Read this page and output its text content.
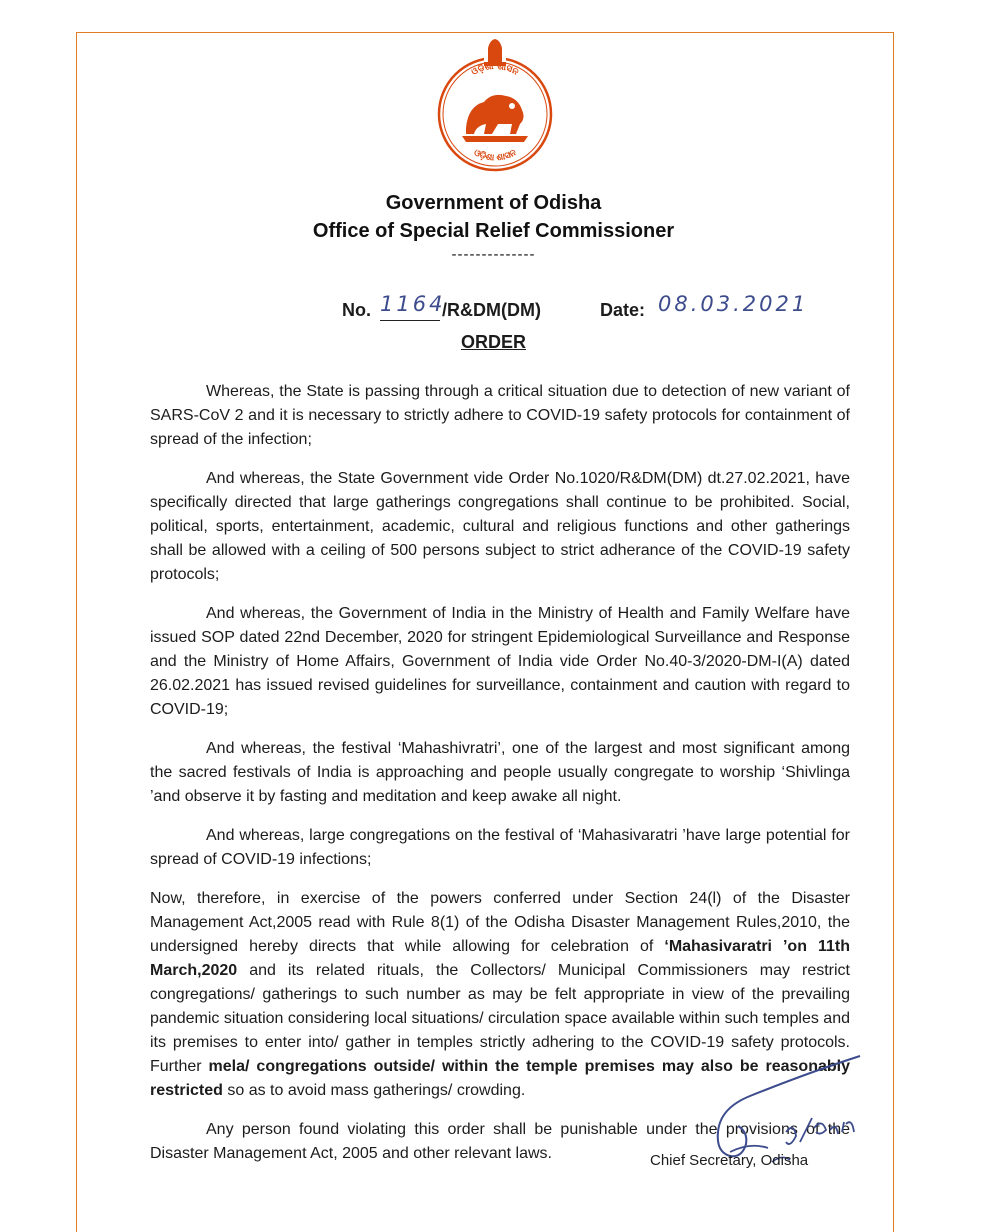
ଓଡ଼ିଶା ଶାସନ
ଓଡ଼ିଶା ଶାସନ
Government of Odisha
Office of Special Relief Commissioner
--------------
No. 1164
/R&DM(DM)	Date: 08.03.2021
ORDER

Whereas, the State is passing through a critical situation due to detection of new variant of SARS-CoV 2 and it is necessary to strictly adhere to COVID-19 safety protocols for containment of spread of the infection;

And whereas, the State Government vide Order No.1020/R&DM(DM) dt.27.02.2021, have specifically directed that large gatherings congregations shall continue to be prohibited. Social, political, sports, entertainment, academic, cultural and religious functions and other gatherings shall be allowed with a ceiling of 500 persons subject to strict adherance of the COVID-19 safety protocols;

And whereas, the Government of India in the Ministry of Health and Family Welfare have issued SOP dated 22nd December, 2020 for stringent Epidemiological Surveillance and Response and the Ministry of Home Affairs, Government of India vide Order No.40-3/2020-DM-I(A) dated 26.02.2021 has issued revised guidelines for surveillance, containment and caution with regard to COVID-19;

And whereas, the festival ‘Mahashivratri’, one of the largest and most significant among the sacred festivals of India is approaching and people usually congregate to worship ‘Shivlinga ’and observe it by fasting and meditation and keep awake all night.

And whereas, large congregations on the festival of ‘Mahasivaratri ’have large potential for spread of COVID-19 infections;

Now, therefore, in exercise of the powers conferred under Section 24(l) of the Disaster Management Act,2005 read with Rule 8(1) of the Odisha Disaster Management Rules,2010, the undersigned hereby directs that while allowing for celebration of ‘Mahasivaratri ’on 11th March,2020 and its related rituals, the Collectors/ Municipal Commissioners may restrict congregations/ gatherings to such number as may be felt appropriate in view of the prevailing pandemic situation considering local situations/ circulation space available within such temples and its premises to enter into/ gather in temples strictly adhering to the COVID-19 safety protocols. Further mela/ congregations outside/ within the temple premises may also be reasonably restricted so as to avoid mass gatherings/ crowding.

Any person found violating this order shall be punishable under the provisions of the Disaster Management Act, 2005 and other relevant laws.	Chief Secretary, Odisha
